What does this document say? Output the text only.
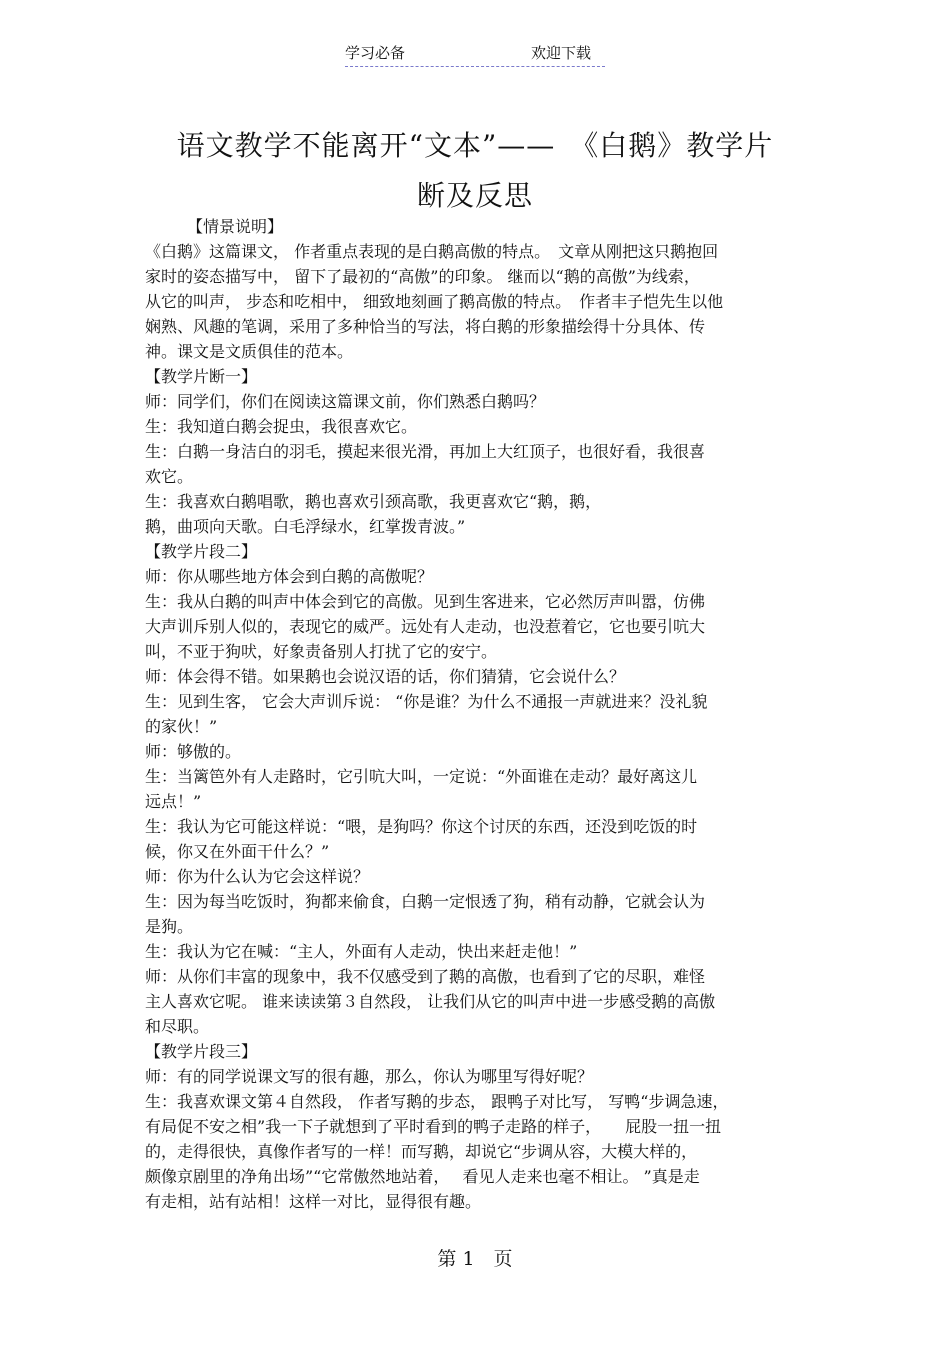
学习必备	欢迎下载
语文教学不能离开“文本”——　《白鹅》教学片
断及反思

【情景说明】

《白鹅》这篇课文， 作者重点表现的是白鹅高傲的特点。　文章从刚把这只鹅抱回

家时的姿态描写中， 留下了最初的“高傲”的印象。 继而以“鹅的高傲”为线索，

从它的叫声， 步态和吃相中， 细致地刻画了鹅高傲的特点。　作者丰子恺先生以他

娴熟、风趣的笔调，采用了多种恰当的写法，将白鹅的形象描绘得十分具体、传

神。课文是文质俱佳的范本。

【教学片断一】

师：同学们，你们在阅读这篇课文前，你们熟悉白鹅吗？

生：我知道白鹅会捉虫，我很喜欢它。

生：白鹅一身洁白的羽毛，摸起来很光滑，再加上大红顶子，也很好看，我很喜

欢它。

生：我喜欢白鹅唱歌，鹅也喜欢引颈高歌，我更喜欢它“鹅，鹅，

鹅，曲项向天歌。白毛浮绿水，红掌拨青波。”

【教学片段二】

师：你从哪些地方体会到白鹅的高傲呢？

生：我从白鹅的叫声中体会到它的高傲。见到生客进来，它必然厉声叫嚣，仿佛

大声训斥别人似的，表现它的威严。远处有人走动，也没惹着它，它也要引吭大

叫，不亚于狗吠，好象责备别人打扰了它的安宁。

师：体会得不错。如果鹅也会说汉语的话，你们猜猜，它会说什么？

生：见到生客， 它会大声训斥说： “你是谁？为什么不通报一声就进来？没礼貌

的家伙！”

师：够傲的。

生：当篱笆外有人走路时，它引吭大叫，一定说：“外面谁在走动？最好离这儿

远点！”

生：我认为它可能这样说：“喂，是狗吗？你这个讨厌的东西，还没到吃饭的时

候，你又在外面干什么？”

师：你为什么认为它会这样说？

生：因为每当吃饭时，狗都来偷食，白鹅一定恨透了狗，稍有动静，它就会认为

是狗。

生：我认为它在喊：“主人，外面有人走动，快出来赶走他！”

师：从你们丰富的现象中，我不仅感受到了鹅的高傲，也看到了它的尽职，难怪

主人喜欢它呢。 谁来读读第３自然段， 让我们从它的叫声中进一步感受鹅的高傲

和尽职。

【教学片段三】

师：有的同学说课文写的很有趣，那么，你认为哪里写得好呢？

生：我喜欢课文第４自然段， 作者写鹅的步态， 跟鸭子对比写， 写鸭“步调急速，

有局促不安之相”我一下子就想到了平时看到的鸭子走路的样子，　　屁股一扭一扭

的，走得很快，真像作者写的一样！而写鹅，却说它“步调从容，大模大样的，

颇像京剧里的净角出场”“它常傲然地站着，　 看见人走来也毫不相让。 ”真是走

有走相，站有站相！这样一对比，显得很有趣。

第 1　页
